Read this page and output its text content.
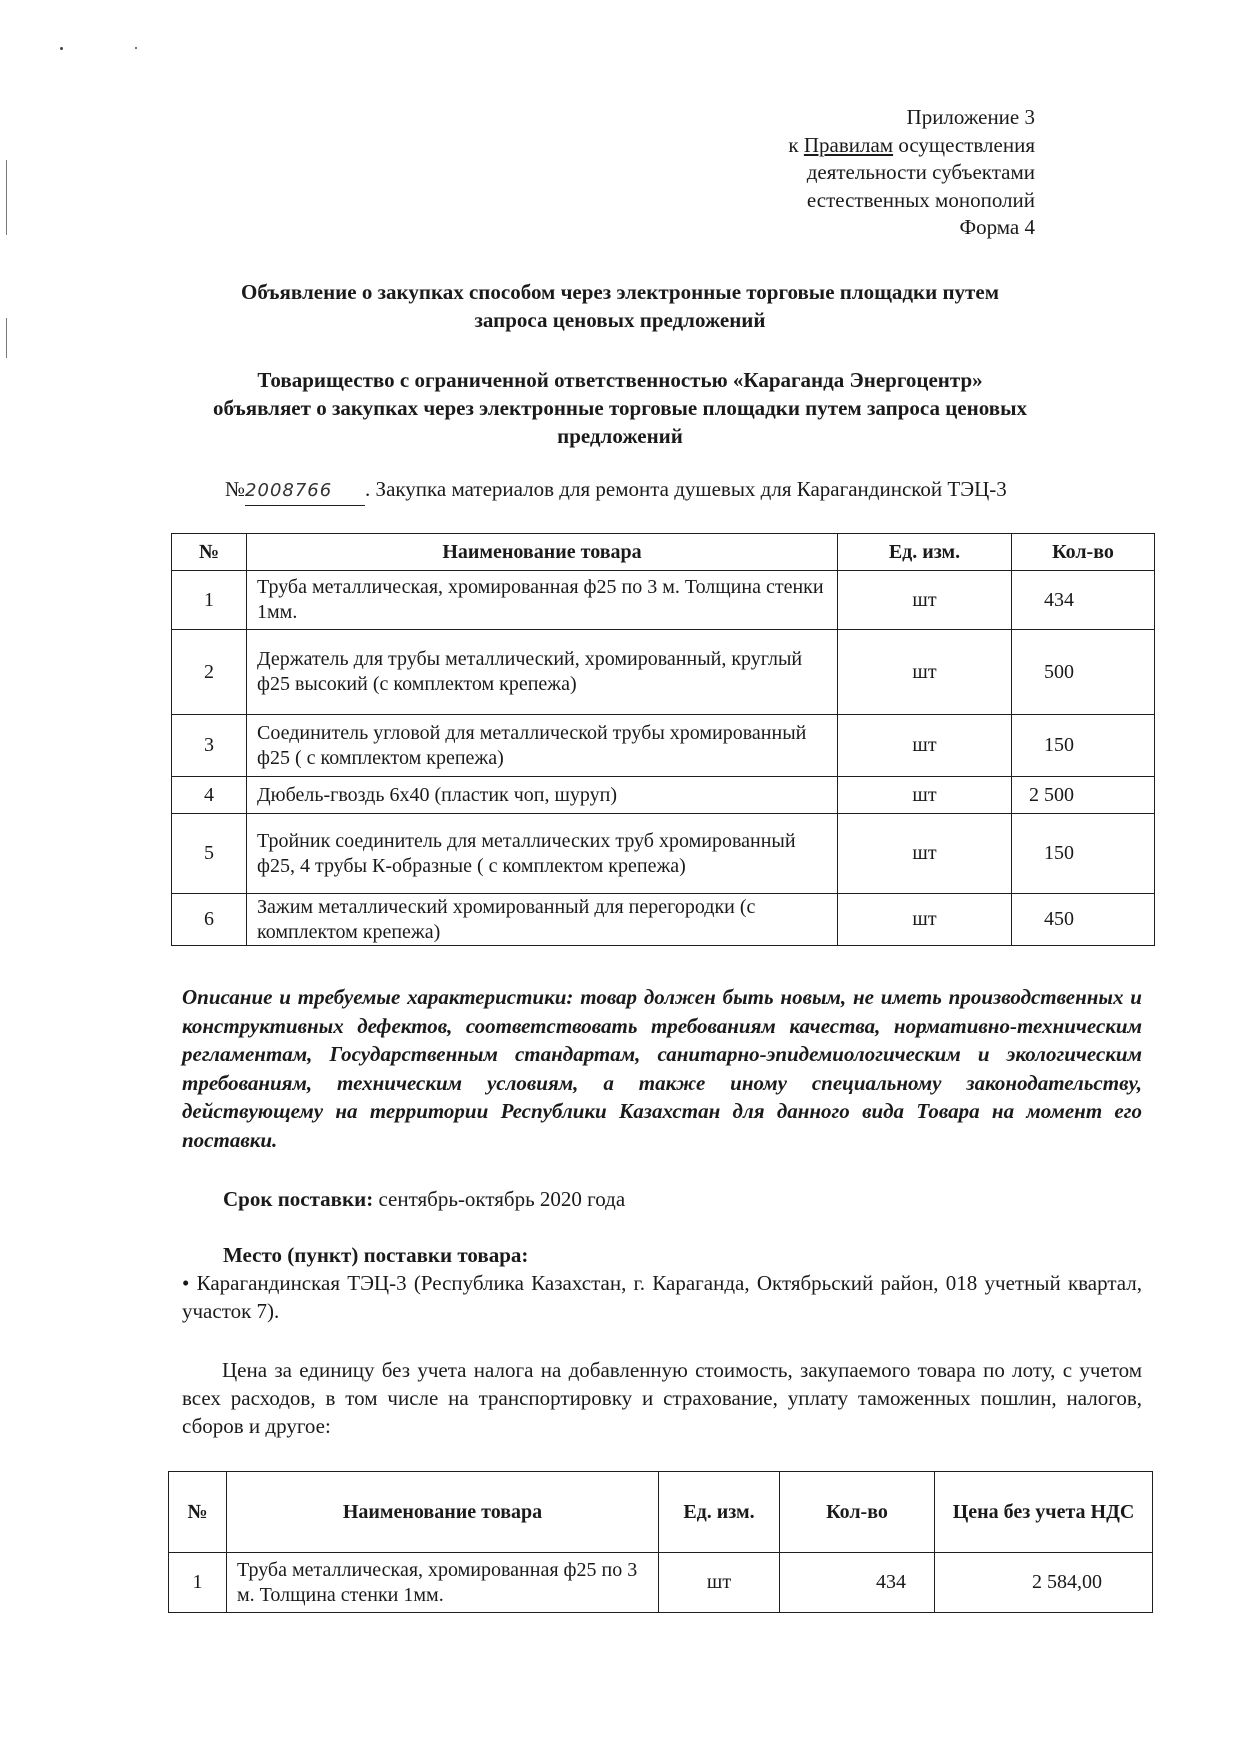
Приложение 3
к Правилам осуществления
деятельности субъектами
естественных монополий
Форма 4
Объявление о закупках способом через электронные торговые площадки путем
запроса ценовых предложений
Товарищество с ограниченной ответственностью «Караганда Энергоцентр»
объявляет о закупках через электронные торговые площадки путем запроса ценовых
предложений
№2008766 . Закупка материалов для ремонта душевых для Карагандинской ТЭЦ-3
№	Наименование товара	Ед. изм.	Кол-во
1	Труба металлическая, хромированная ф25 по 3 м. Толщина стенки 1мм.	шт	434
2	Держатель для трубы металлический, хромированный, круглый ф25 высокий (с комплектом крепежа)	шт	500
3	Соединитель угловой для металлической трубы хромированный ф25 ( с комплектом крепежа)	шт	150
4	Дюбель-гвоздь 6х40 (пластик чоп, шуруп)	шт	2 500
5	Тройник соединитель для металлических труб хромированный ф25, 4 трубы К-образные ( с комплектом крепежа)	шт	150
6	Зажим металлический хромированный для перегородки (с комплектом крепежа)	шт	450
Описание и требуемые характеристики: товар должен быть новым, не иметь производственных и конструктивных дефектов, соответствовать требованиям качества, нормативно-техническим регламентам, Государственным стандартам, санитарно-эпидемиологическим и экологическим требованиям, техническим условиям, а также иному специальному законодательству, действующему на территории Республики Казахстан для данного вида Товара на момент его поставки.
Срок поставки: сентябрь-октябрь 2020 года
Место (пункт) поставки товара:
• Карагандинская ТЭЦ-3 (Республика Казахстан, г. Караганда, Октябрьский район, 018 учетный квартал, участок 7).
Цена за единицу без учета налога на добавленную стоимость, закупаемого товара по лоту, с учетом всех расходов, в том числе на транспортировку и страхование, уплату таможенных пошлин, налогов, сборов и другое:
№	Наименование товара	Ед. изм.	Кол-во	Цена без учета НДС
1	Труба металлическая, хромированная ф25 по 3 м. Толщина стенки 1мм.	шт	434	2 584,00
